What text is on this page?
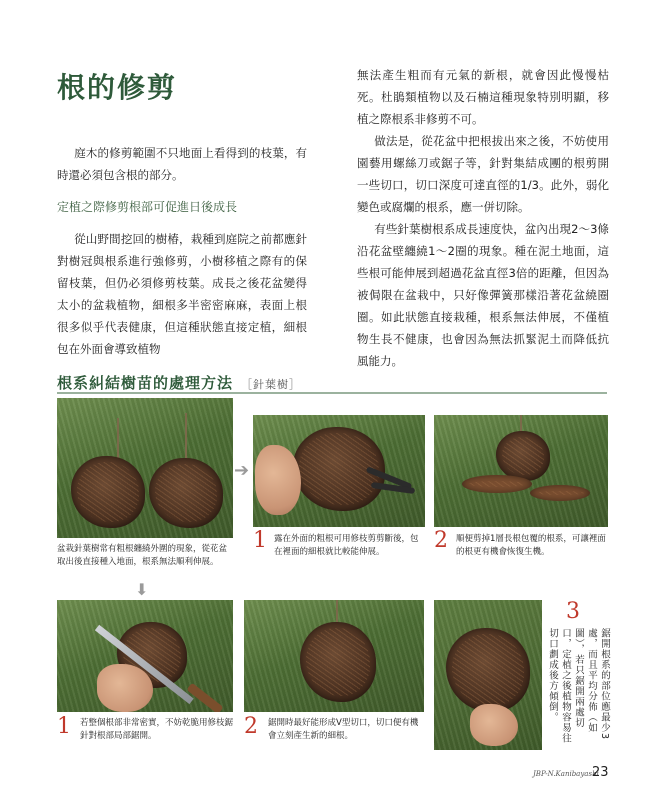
根的修剪

庭木的修剪範圍不只地面上看得到的枝葉，有時還必須包含根的部分。

定植之際修剪根部可促進日後成長

從山野間挖回的樹椿，栽種到庭院之前都應針對樹冠與根系進行強修剪，小樹移植之際有的保留枝葉，但仍必須修剪枝葉。成長之後花盆變得太小的盆栽植物，細根多半密密麻麻，表面上根很多似乎代表健康，但這種狀態直接定植，細根包在外面會導致植物

無法產生粗而有元氣的新根，就會因此慢慢枯死。杜鵑類植物以及石楠這種現象特別明顯，移植之際根系非修剪不可。

做法是，從花盆中把根拔出來之後，不妨使用園藝用螺絲刀或鋸子等，針對集結成團的根剪開一些切口，切口深度可達直徑的1/3。此外，弱化變色或腐爛的根系，應一併切除。

有些針葉樹根系成長速度快，盆內出現2～3條沿花盆壁纏繞1～2圈的現象。種在泥土地面，這些根可能伸展到超過花盆直徑3倍的距離，但因為被侷限在盆栽中，只好像彈簧那樣沿著花盆繞圈圈。如此狀態直接栽種，根系無法伸展，不僅植物生長不健康，也會因為無法抓緊泥土而降低抗風能力。

根系糾結樹苗的處理方法 ［針葉樹］
盆栽針葉樹常有粗根纏繞外圍的現象，從花盆取出後直接種入地面，根系無法順利伸展。
➔
1 露在外面的粗根可用修枝剪剪斷後，包在裡面的細根就比較能伸展。	2 順便剪掉1層長根包覆的根系，可讓裡面的根更有機會恢復生機。
⬇
1 若整個根部非常密實，不妨乾脆用修枝鋸針對根部局部鋸開。	2 鋸開時最好能形成V型切口，切口便有機會立刻產生新的細根。
3
鋸開根系的部位應最少3處，而且平均分佈（如圖），若只鋸開兩處切口，定植之後植物容易往切口劃成後方傾倒。
JBP-N.Kanibayashi
23
